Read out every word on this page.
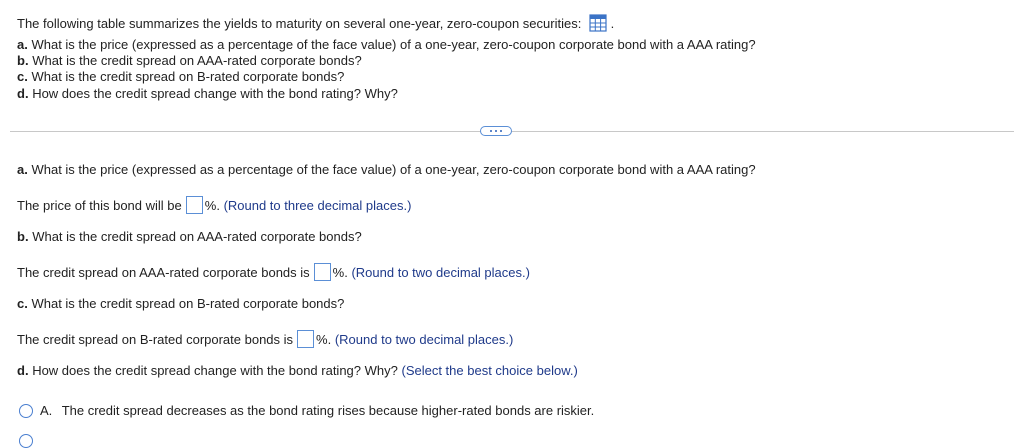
The following table summarizes the yields to maturity on several one-year, zero-coupon securities: .
a. What is the price (expressed as a percentage of the face value) of a one-year, zero-coupon corporate bond with a AAA rating?
b. What is the credit spread on AAA-rated corporate bonds?
c. What is the credit spread on B-rated corporate bonds?
d. How does the credit spread change with the bond rating? Why?
a. What is the price (expressed as a percentage of the face value) of a one-year, zero-coupon corporate bond with a AAA rating?
The price of this bond will be %. (Round to three decimal places.)
b. What is the credit spread on AAA-rated corporate bonds?
The credit spread on AAA-rated corporate bonds is %. (Round to two decimal places.)
c. What is the credit spread on B-rated corporate bonds?
The credit spread on B-rated corporate bonds is %. (Round to two decimal places.)
d. How does the credit spread change with the bond rating? Why? (Select the best choice below.)
A. The credit spread decreases as the bond rating rises because higher-rated bonds are riskier.
